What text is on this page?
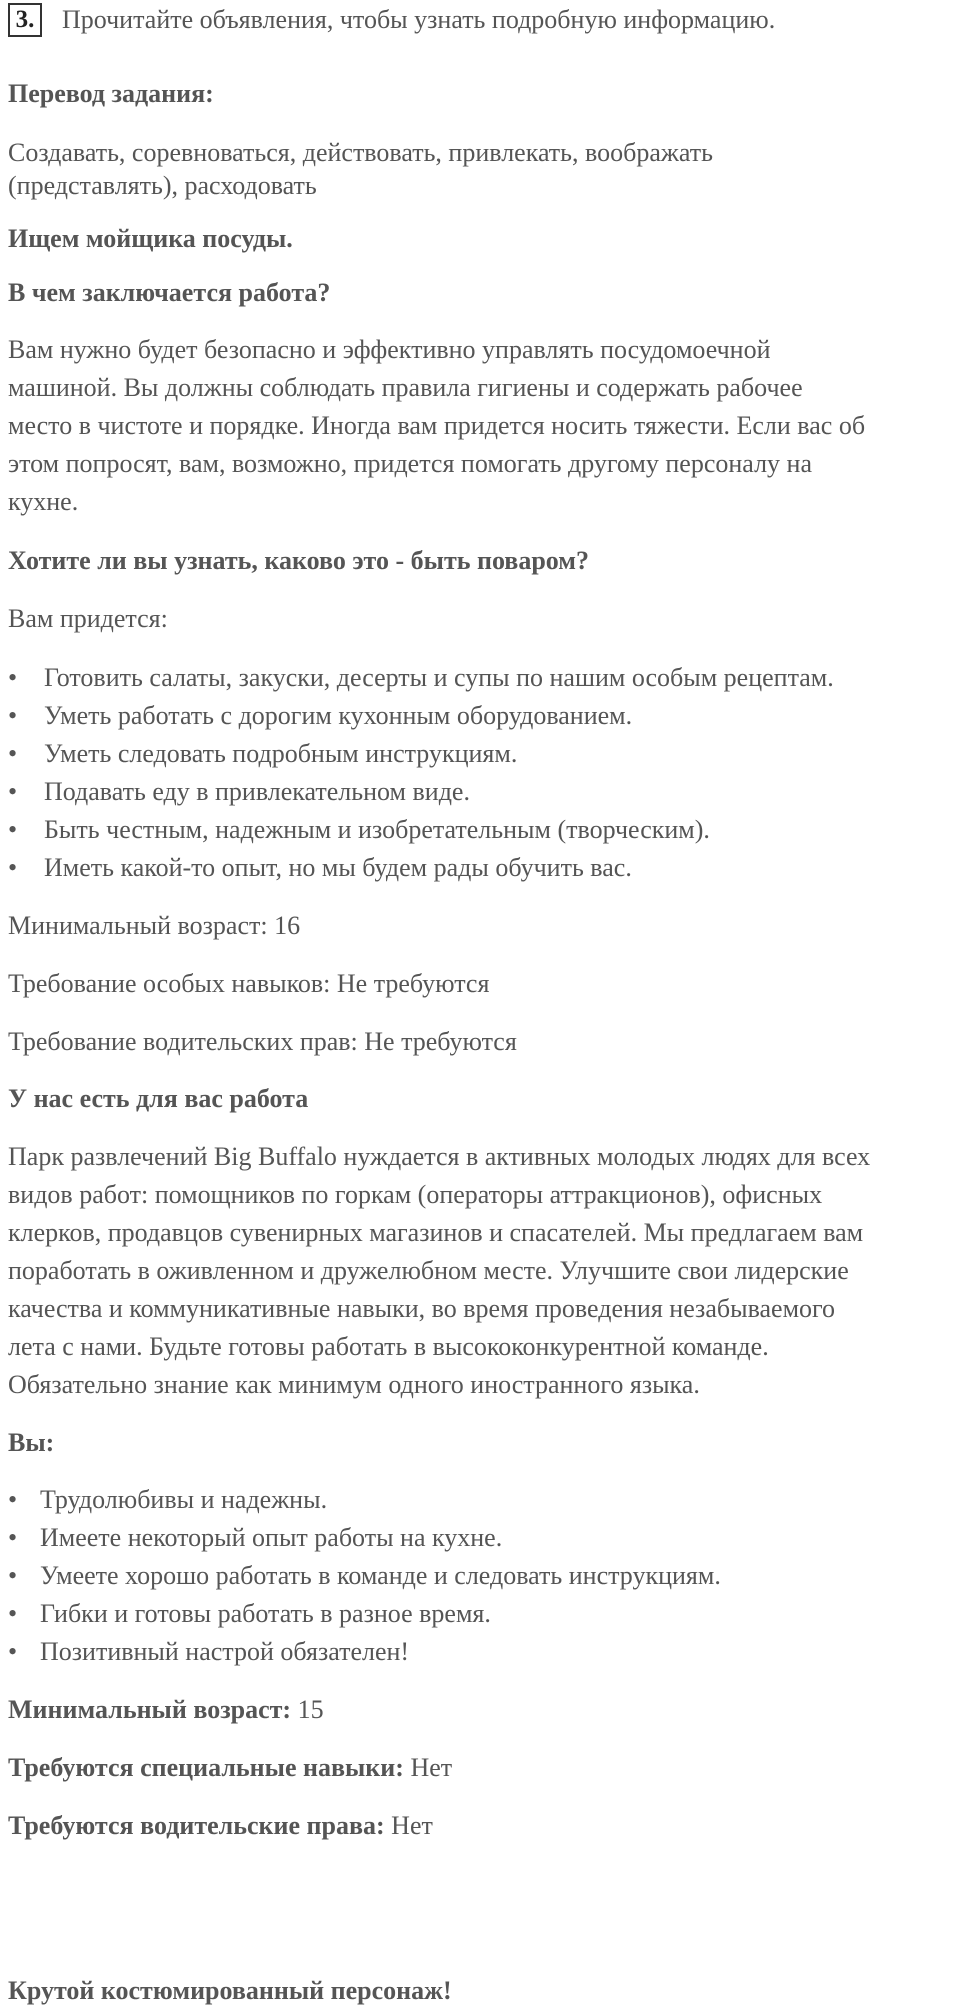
3. Прочитайте объявления, чтобы узнать подробную информацию.

Перевод задания:

Создавать, соревноваться, действовать, привлекать, воображать

(представлять), расходовать

Ищем мойщика посуды.

В чем заключается работа?

Вам нужно будет безопасно и эффективно управлять посудомоечной

машиной. Вы должны соблюдать правила гигиены и содержать рабочее

место в чистоте и порядке. Иногда вам придется носить тяжести. Если вас об

этом попросят, вам, возможно, придется помогать другому персоналу на

кухне.

Хотите ли вы узнать, каково это - быть поваром?

Вам придется:

• Готовить салаты, закуски, десерты и супы по нашим особым рецептам.
• Уметь работать с дорогим кухонным оборудованием.
• Уметь следовать подробным инструкциям.
• Подавать еду в привлекательном виде.
• Быть честным, надежным и изобретательным (творческим).
• Иметь какой-то опыт, но мы будем рады обучить вас.

Минимальный возраст: 16

Требование особых навыков: Не требуются

Требование водительских прав: Не требуются

У нас есть для вас работа

Парк развлечений Big Buffalo нуждается в активных молодых людях для всех

видов работ: помощников по горкам (операторы аттракционов), офисных

клерков, продавцов сувенирных магазинов и спасателей. Мы предлагаем вам

поработать в оживленном и дружелюбном месте. Улучшите свои лидерские

качества и коммуникативные навыки, во время проведения незабываемого

лета с нами. Будьте готовы работать в высококонкурентной команде.

Обязательно знание как минимум одного иностранного языка.

Вы:

• Трудолюбивы и надежны.
• Имеете некоторый опыт работы на кухне.
• Умеете хорошо работать в команде и следовать инструкциям.
• Гибки и готовы работать в разное время.
• Позитивный настрой обязателен!

Минимальный возраст: 15

Требуются специальные навыки: Нет

Требуются водительские права: Нет

Крутой костюмированный персонаж!
